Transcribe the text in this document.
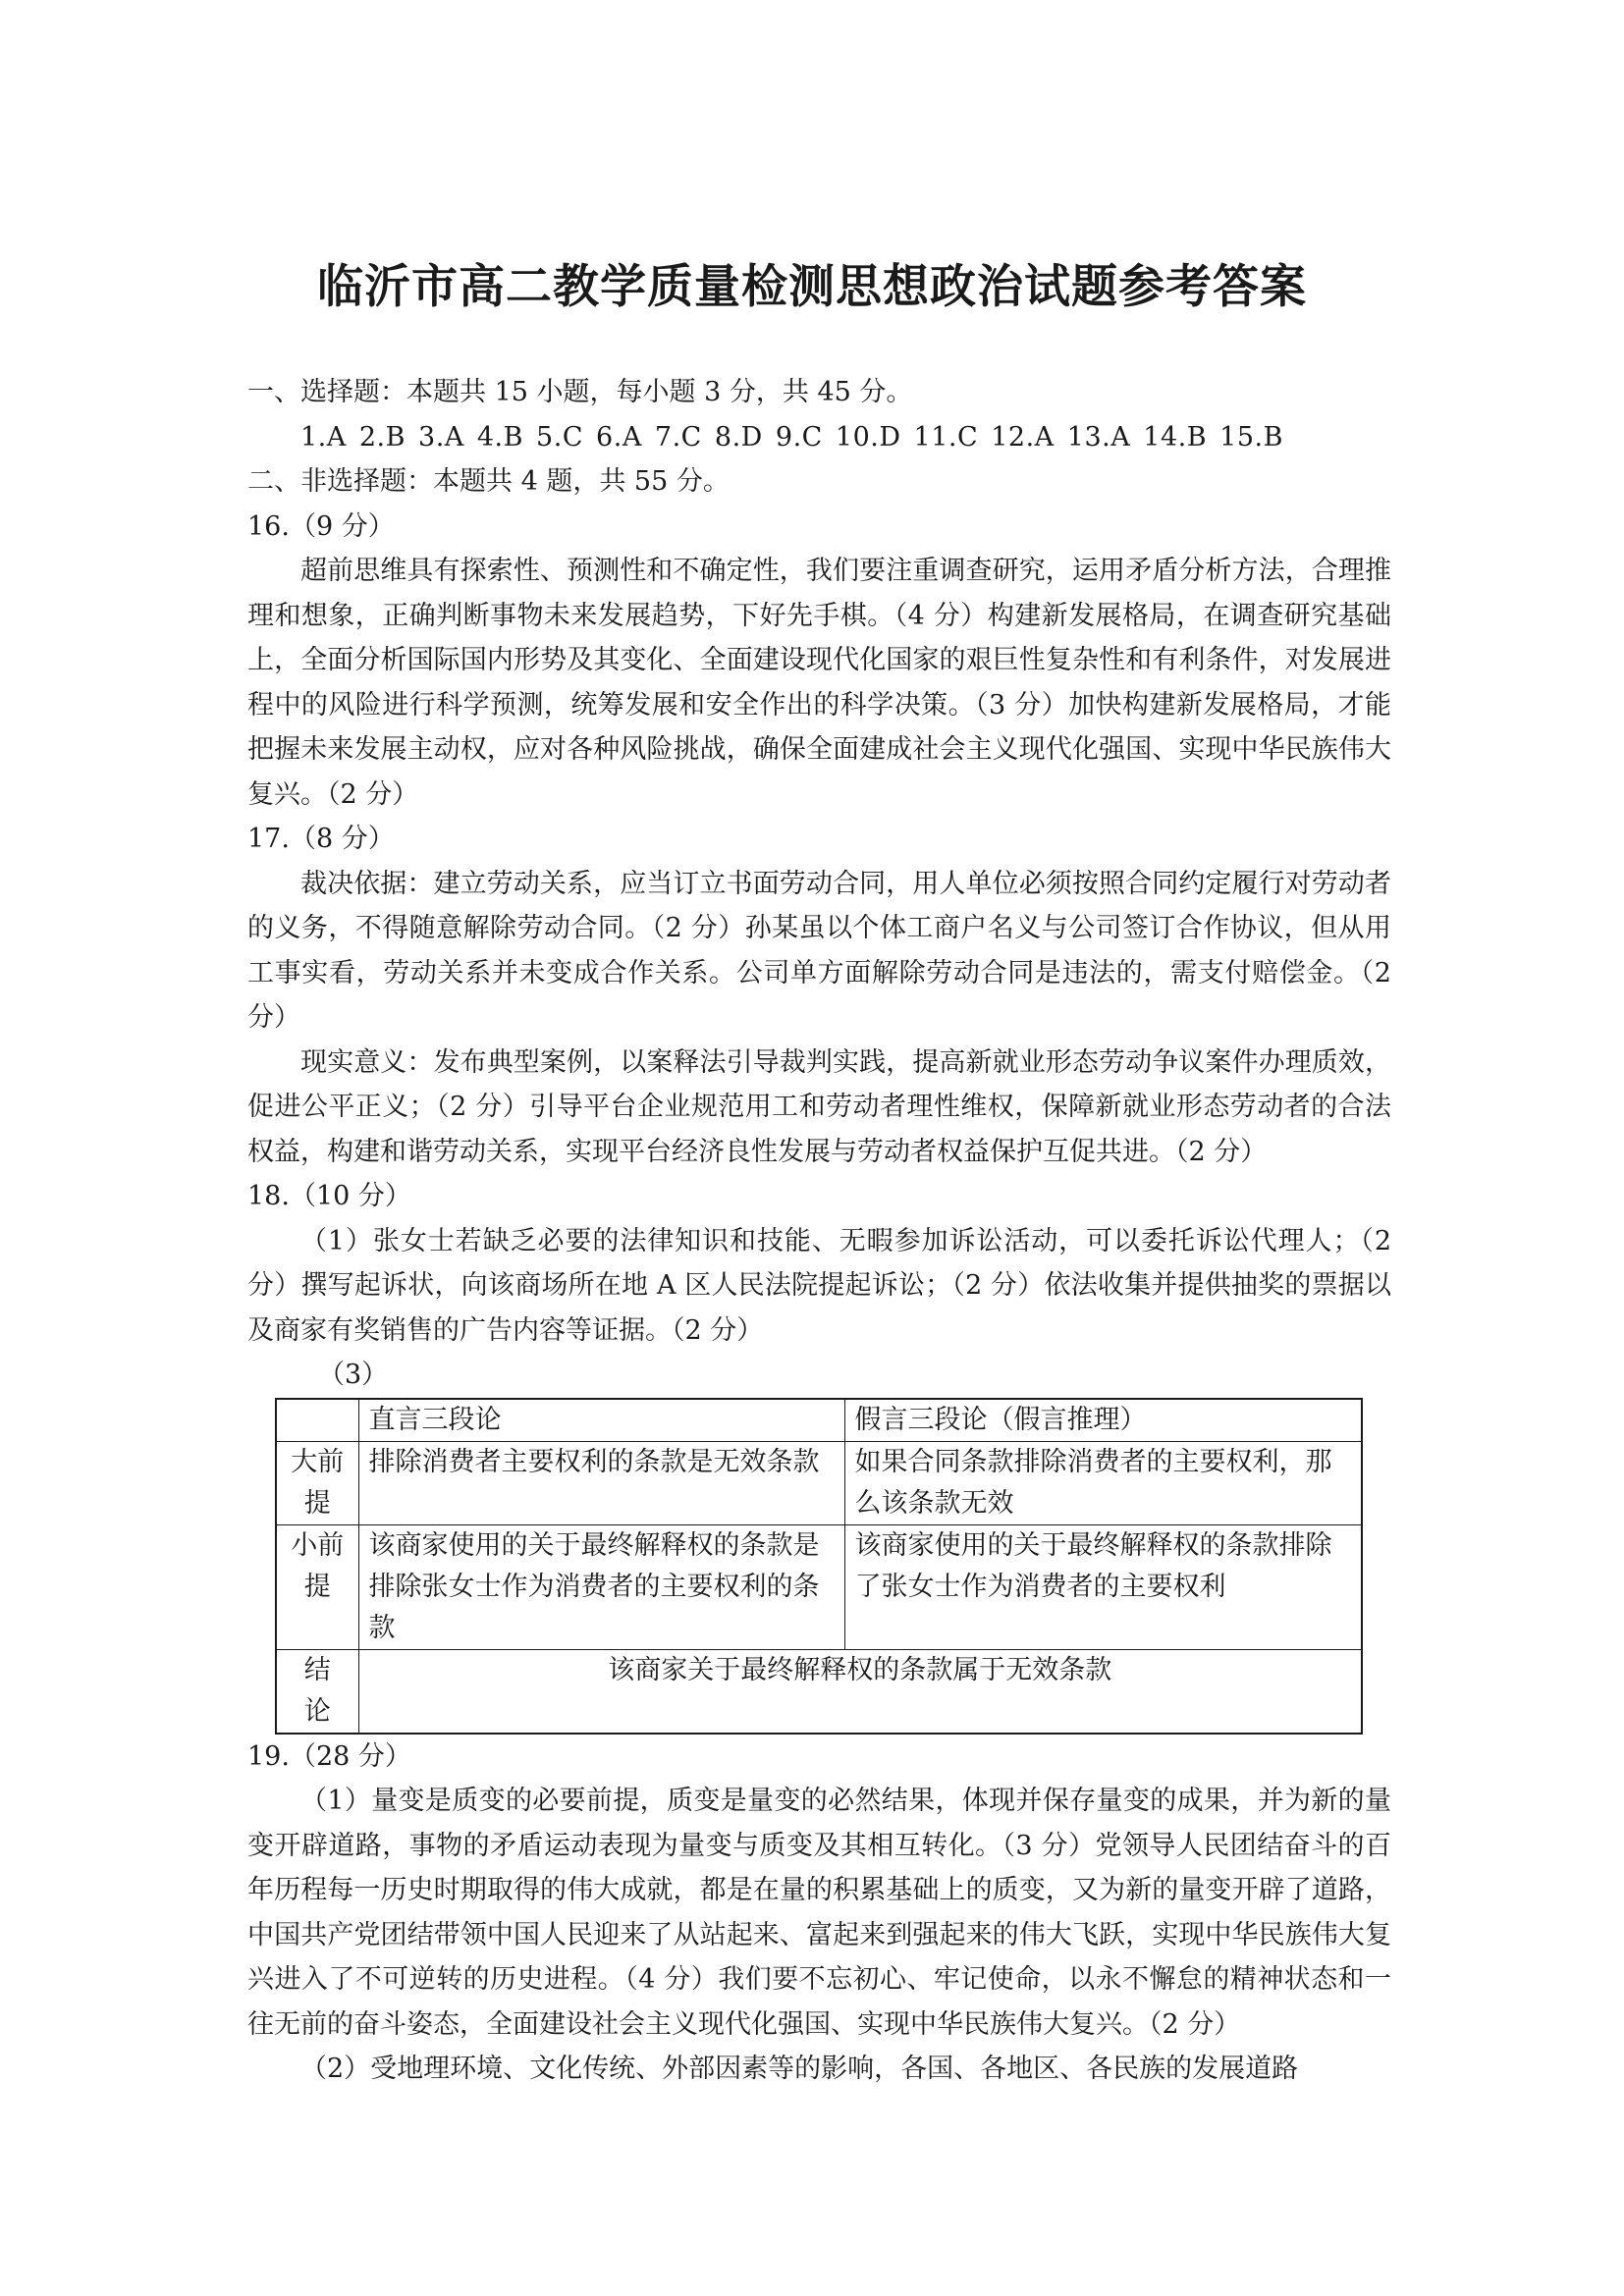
临沂市高二教学质量检测思想政治试题参考答案

一、选择题：本题共 15 小题，每小题 3 分，共 45 分。

1.A 2.B 3.A 4.B 5.C 6.A 7.C 8.D 9.C 10.D 11.C 12.A 13.A 14.B 15.B

二、非选择题：本题共 4 题，共 55 分。

16.（9 分）

超前思维具有探索性、预测性和不确定性，我们要注重调查研究，运用矛盾分析方法，合理推理和想象，正确判断事物未来发展趋势，下好先手棋。（4 分）构建新发展格局，在调查研究基础上，全面分析国际国内形势及其变化、全面建设现代化国家的艰巨性复杂性和有利条件，对发展进程中的风险进行科学预测，统筹发展和安全作出的科学决策。（3 分）加快构建新发展格局，才能把握未来发展主动权，应对各种风险挑战，确保全面建成社会主义现代化强国、实现中华民族伟大复兴。（2 分）

17.（8 分）

裁决依据：建立劳动关系，应当订立书面劳动合同，用人单位必须按照合同约定履行对劳动者的义务，不得随意解除劳动合同。（2 分）孙某虽以个体工商户名义与公司签订合作协议，但从用工事实看，劳动关系并未变成合作关系。公司单方面解除劳动合同是违法的，需支付赔偿金。（2 分）

现实意义：发布典型案例，以案释法引导裁判实践，提高新就业形态劳动争议案件办理质效，促进公平正义；（2 分）引导平台企业规范用工和劳动者理性维权，保障新就业形态劳动者的合法权益，构建和谐劳动关系，实现平台经济良性发展与劳动者权益保护互促共进。（2 分）

18.（10 分）

（1）张女士若缺乏必要的法律知识和技能、无暇参加诉讼活动，可以委托诉讼代理人；（2 分）撰写起诉状，向该商场所在地 A 区人民法院提起诉讼；（2 分）依法收集并提供抽奖的票据以及商家有奖销售的广告内容等证据。（2 分）

（3）

	直言三段论	假言三段论（假言推理）
大前提	排除消费者主要权利的条款是无效条款	如果合同条款排除消费者的主要权利，那么该条款无效
小前提	该商家使用的关于最终解释权的条款是排除张女士作为消费者的主要权利的条款	该商家使用的关于最终解释权的条款排除了张女士作为消费者的主要权利
结　论	该商家关于最终解释权的条款属于无效条款	

19.（28 分）

（1）量变是质变的必要前提，质变是量变的必然结果，体现并保存量变的成果，并为新的量变开辟道路，事物的矛盾运动表现为量变与质变及其相互转化。（3 分）党领导人民团结奋斗的百年历程每一历史时期取得的伟大成就，都是在量的积累基础上的质变，又为新的量变开辟了道路，中国共产党团结带领中国人民迎来了从站起来、富起来到强起来的伟大飞跃，实现中华民族伟大复兴进入了不可逆转的历史进程。（4 分）我们要不忘初心、牢记使命，以永不懈怠的精神状态和一往无前的奋斗姿态，全面建设社会主义现代化强国、实现中华民族伟大复兴。（2 分）

（2）受地理环境、文化传统、外部因素等的影响，各国、各地区、各民族的发展道路
